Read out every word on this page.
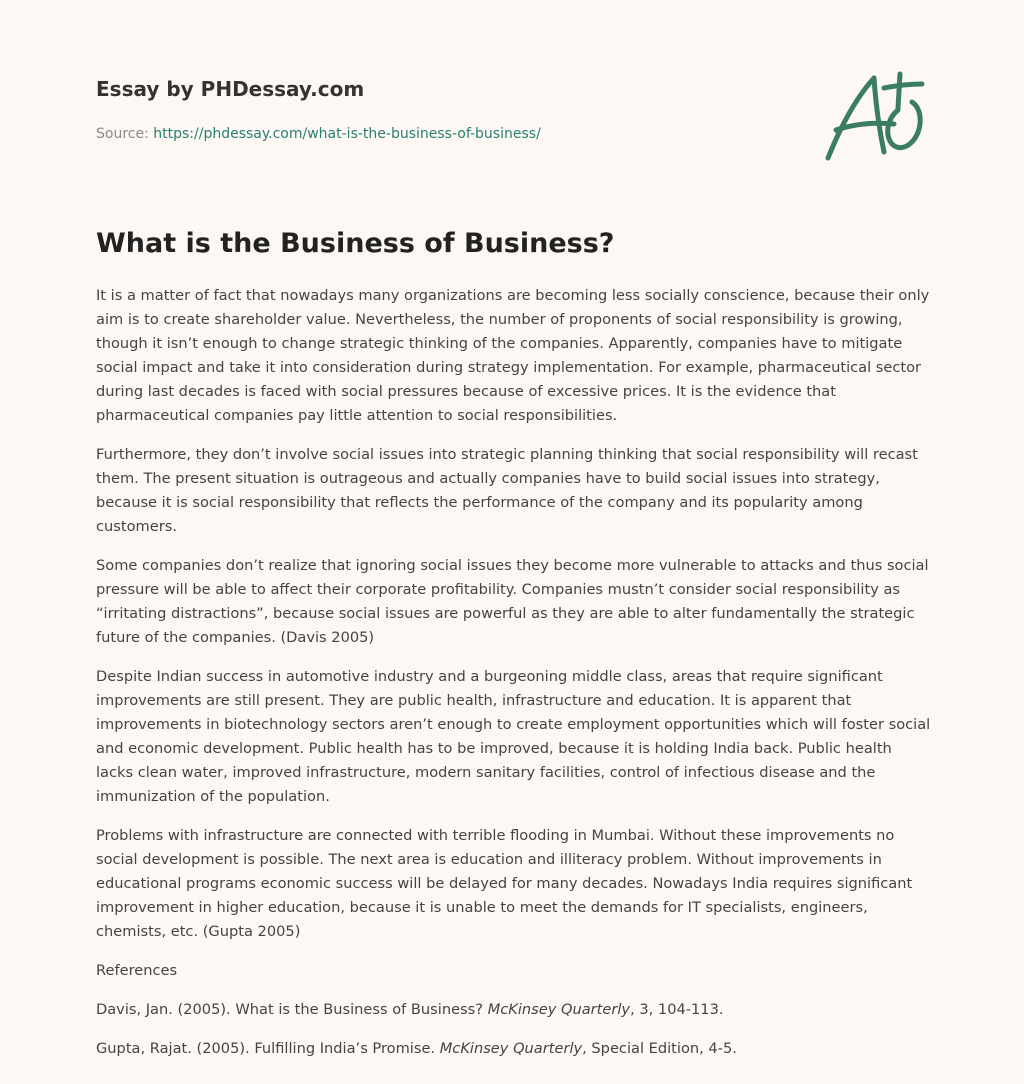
Essay by PHDessay.com

Source: https://phdessay.com/what-is-the-business-of-business/
What is the Business of Business?

It is a matter of fact that nowadays many organizations are becoming less socially conscience, because their only aim is to create shareholder value. Nevertheless, the number of proponents of social responsibility is growing, though it isn’t enough to change strategic thinking of the companies. Apparently, companies have to mitigate social impact and take it into consideration during strategy implementation. For example, pharmaceutical sector during last decades is faced with social pressures because of excessive prices. It is the evidence that pharmaceutical companies pay little attention to social responsibilities.

Furthermore, they don’t involve social issues into strategic planning thinking that social responsibility will recast them. The present situation is outrageous and actually companies have to build social issues into strategy, because it is social responsibility that reflects the performance of the company and its popularity among customers.

Some companies don’t realize that ignoring social issues they become more vulnerable to attacks and thus social pressure will be able to affect their corporate profitability. Companies mustn’t consider social responsibility as “irritating distractions”, because social issues are powerful as they are able to alter fundamentally the strategic future of the companies. (Davis 2005)

Despite Indian success in automotive industry and a burgeoning middle class, areas that require significant improvements are still present. They are public health, infrastructure and education. It is apparent that improvements in biotechnology sectors aren’t enough to create employment opportunities which will foster social and economic development. Public health has to be improved, because it is holding India back. Public health lacks clean water, improved infrastructure, modern sanitary facilities, control of infectious disease and the immunization of the population.

Problems with infrastructure are connected with terrible flooding in Mumbai. Without these improvements no social development is possible. The next area is education and illiteracy problem. Without improvements in educational programs economic success will be delayed for many decades. Nowadays India requires significant improvement in higher education, because it is unable to meet the demands for IT specialists, engineers, chemists, etc. (Gupta 2005)

References

Davis, Jan. (2005). What is the Business of Business? McKinsey Quarterly, 3, 104-113.

Gupta, Rajat. (2005). Fulfilling India’s Promise. McKinsey Quarterly, Special Edition, 4-5.
